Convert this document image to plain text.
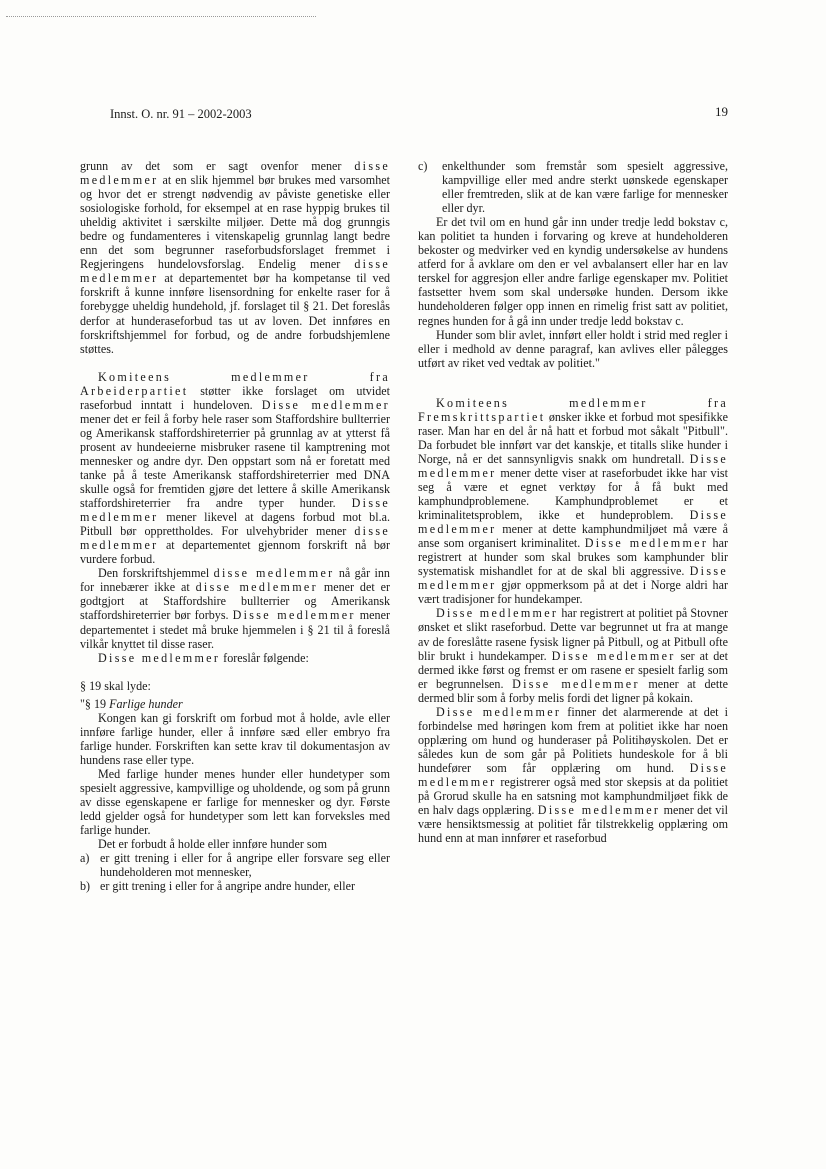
Innst. O. nr. 91 – 2002-2003	19

grunn av det som er sagt ovenfor mener disse medlemmer at en slik hjemmel bør brukes med varsomhet og hvor det er strengt nødvendig av påviste genetiske eller sosiologiske forhold, for eksempel at en rase hyppig brukes til uheldig aktivitet i særskilte miljøer. Dette må dog grunngis bedre og fundamenteres i vitenskapelig grunnlag langt bedre enn det som begrunner raseforbudsforslaget fremmet i Regjeringens hundelovsforslag. Endelig mener disse medlemmer at departementet bør ha kompetanse til ved forskrift å kunne innføre lisensordning for enkelte raser for å forebygge uheldig hundehold, jf. forslaget til § 21. Det foreslås derfor at hunderaseforbud tas ut av loven. Det innføres en forskriftshjemmel for forbud, og de andre forbudshjemlene støttes.

Komiteens medlemmer fra Arbeiderpartiet støtter ikke forslaget om utvidet raseforbud inntatt i hundeloven. Disse medlemmer mener det er feil å forby hele raser som Staffordshire bullterrier og Amerikansk staffordshireterrier på grunnlag av at ytterst få prosent av hundeeierne misbruker rasene til kamptrening mot mennesker og andre dyr. Den oppstart som nå er foretatt med tanke på å teste Amerikansk staffordshireterrier med DNA skulle også for fremtiden gjøre det lettere å skille Amerikansk staffordshireterrier fra andre typer hunder. Disse medlemmer mener likevel at dagens forbud mot bl.a. Pitbull bør opprettholdes. For ulvehybrider mener disse medlemmer at departementet gjennom forskrift nå bør vurdere forbud.

Den forskriftshjemmel disse medlemmer nå går inn for innebærer ikke at disse medlemmer mener det er godtgjort at Staffordshire bullterrier og Amerikansk staffordshireterrier bør forbys. Disse medlemmer mener departementet i stedet må bruke hjemmelen i § 21 til å foreslå vilkår knyttet til disse raser.

Disse medlemmer foreslår følgende:

§ 19 skal lyde:

"§ 19 Farlige hunder

Kongen kan gi forskrift om forbud mot å holde, avle eller innføre farlige hunder, eller å innføre sæd eller embryo fra farlige hunder. Forskriften kan sette krav til dokumentasjon av hundens rase eller type.

Med farlige hunder menes hunder eller hundetyper som spesielt aggressive, kampvillige og uholdende, og som på grunn av disse egenskapene er farlige for mennesker og dyr. Første ledd gjelder også for hundetyper som lett kan forveksles med farlige hunder.

Det er forbudt å holde eller innføre hunder som

a) er gitt trening i eller for å angripe eller forsvare seg eller hundeholderen mot mennesker,
b) er gitt trening i eller for å angripe andre hunder, eller
c)	enkelthunder som fremstår som spesielt aggressive, kampvillige eller med andre sterkt uønskede egenskaper eller fremtreden, slik at de kan være farlige for mennesker eller dyr.

Er det tvil om en hund går inn under tredje ledd bokstav c, kan politiet ta hunden i forvaring og kreve at hundeholderen bekoster og medvirker ved en kyndig undersøkelse av hundens atferd for å avklare om den er vel avbalansert eller har en lav terskel for aggresjon eller andre farlige egenskaper mv. Politiet fastsetter hvem som skal undersøke hunden. Dersom ikke hundeholderen følger opp innen en rimelig frist satt av politiet, regnes hunden for å gå inn under tredje ledd bokstav c.

Hunder som blir avlet, innført eller holdt i strid med regler i eller i medhold av denne paragraf, kan avlives eller pålegges utført av riket ved vedtak av politiet."

Komiteens medlemmer fra Fremskrittspartiet ønsker ikke et forbud mot spesifikke raser. Man har en del år nå hatt et forbud mot såkalt "Pitbull". Da forbudet ble innført var det kanskje, et titalls slike hunder i Norge, nå er det sannsynligvis snakk om hundretall. Disse medlemmer mener dette viser at raseforbudet ikke har vist seg å være et egnet verktøy for å få bukt med kamphundproblemene. Kamphundproblemet er et kriminalitetsproblem, ikke et hundeproblem. Disse medlemmer mener at dette kamphundmiljøet må være å anse som organisert kriminalitet. Disse medlemmer har registrert at hunder som skal brukes som kamphunder blir systematisk mishandlet for at de skal bli aggressive. Disse medlemmer gjør oppmerksom på at det i Norge aldri har vært tradisjoner for hundekamper.

Disse medlemmer har registrert at politiet på Stovner ønsket et slikt raseforbud. Dette var begrunnet ut fra at mange av de foreslåtte rasene fysisk ligner på Pitbull, og at Pitbull ofte blir brukt i hundekamper. Disse medlemmer ser at det dermed ikke først og fremst er om rasene er spesielt farlig som er begrunnelsen. Disse medlemmer mener at dette dermed blir som å forby melis fordi det ligner på kokain.

Disse medlemmer finner det alarmerende at det i forbindelse med høringen kom frem at politiet ikke har noen opplæring om hund og hunderaser på Politihøyskolen. Det er således kun de som går på Politiets hundeskole for å bli hundefører som får opplæring om hund. Disse medlemmer registrerer også med stor skepsis at da politiet på Grorud skulle ha en satsning mot kamphundmiljøet fikk de en halv dags opplæring. Disse medlemmer mener det vil være hensiktsmessig at politiet får tilstrekkelig opplæring om hund enn at man innfører et raseforbud
